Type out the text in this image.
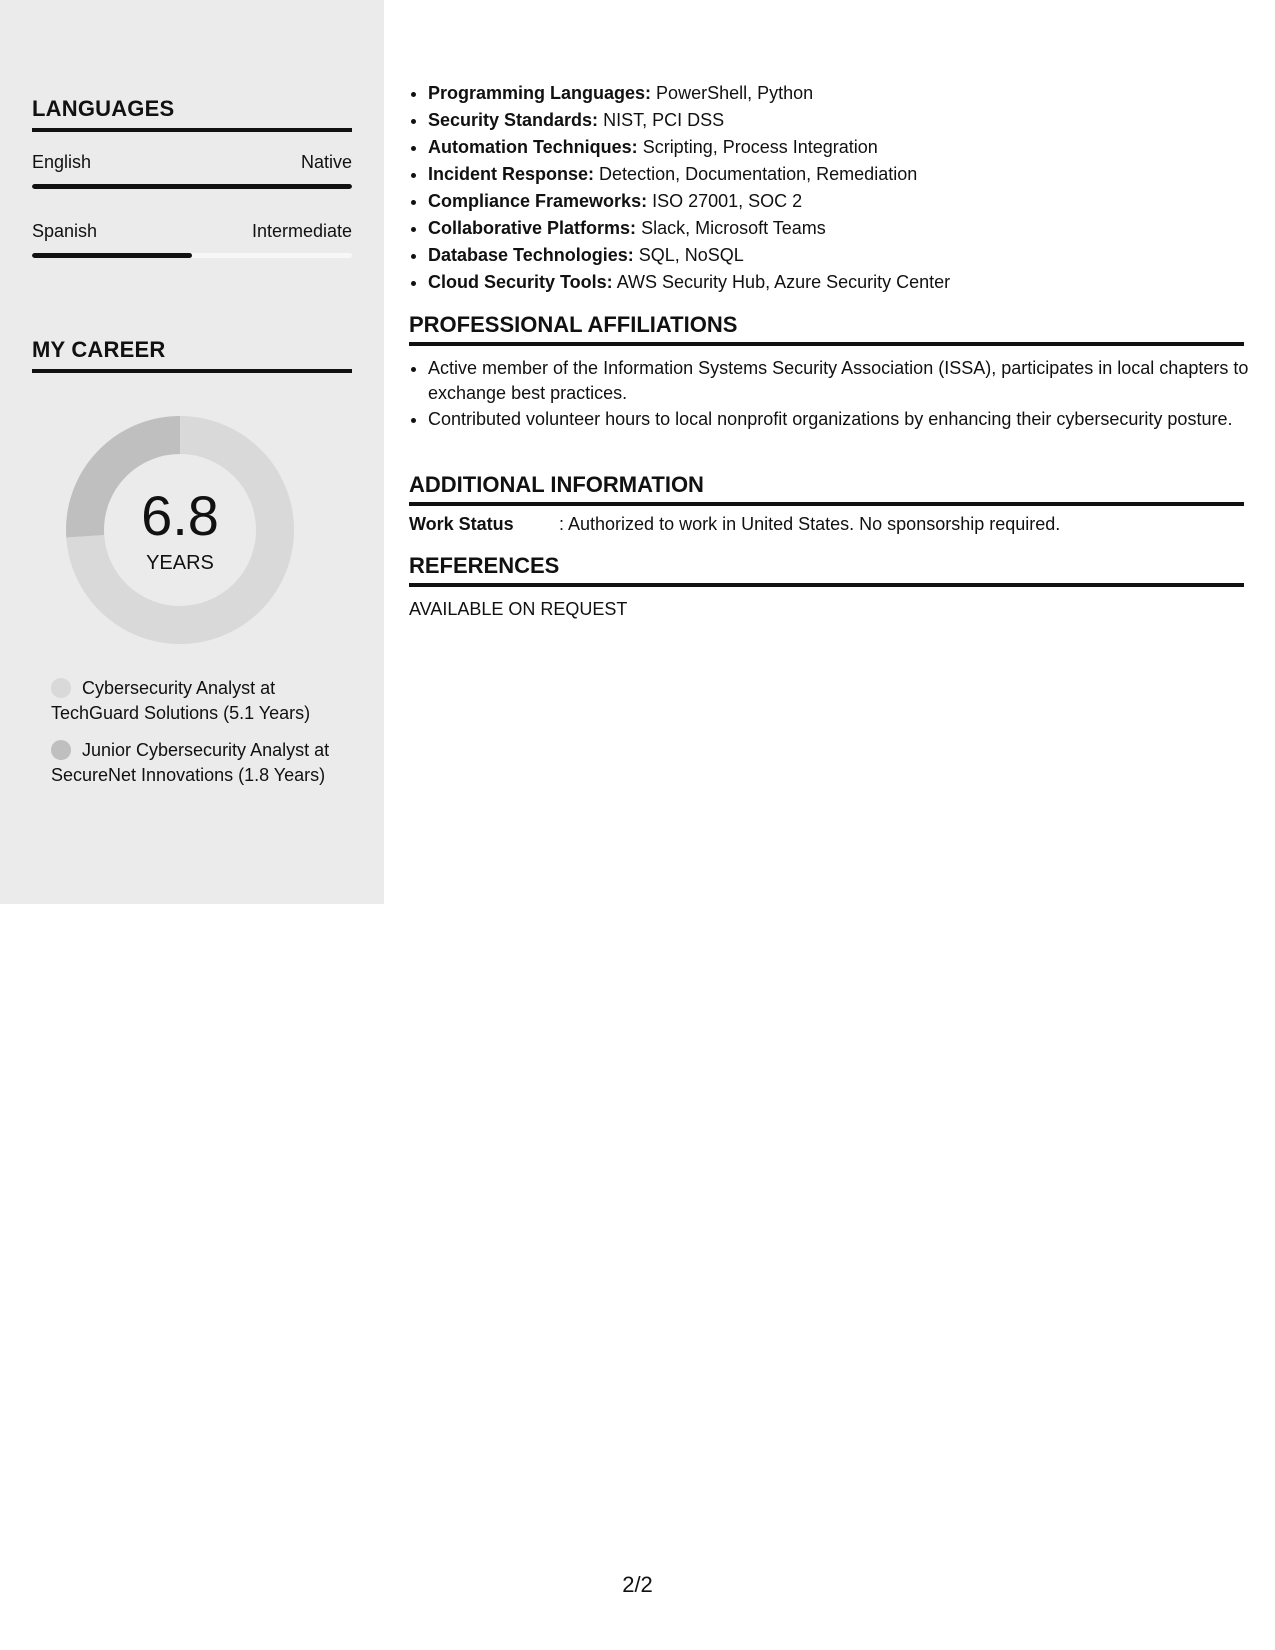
LANGUAGES
English	Native
Spanish	Intermediate
MY CAREER
6.8
YEARS
Cybersecurity Analyst at TechGuard Solutions (5.1 Years)
Junior Cybersecurity Analyst at SecureNet Innovations (1.8 Years)
• Programming Languages: PowerShell, Python
• Security Standards: NIST, PCI DSS
• Automation Techniques: Scripting, Process Integration
• Incident Response: Detection, Documentation, Remediation
• Compliance Frameworks: ISO 27001, SOC 2
• Collaborative Platforms: Slack, Microsoft Teams
• Database Technologies: SQL, NoSQL
• Cloud Security Tools: AWS Security Hub, Azure Security Center
PROFESSIONAL AFFILIATIONS
• Active member of the Information Systems Security Association (ISSA), participates in local chapters to exchange best practices.
• Contributed volunteer hours to local nonprofit organizations by enhancing their cybersecurity posture.
ADDITIONAL INFORMATION
Work Status	: Authorized to work in United States. No sponsorship required.
REFERENCES
AVAILABLE ON REQUEST
2/2
